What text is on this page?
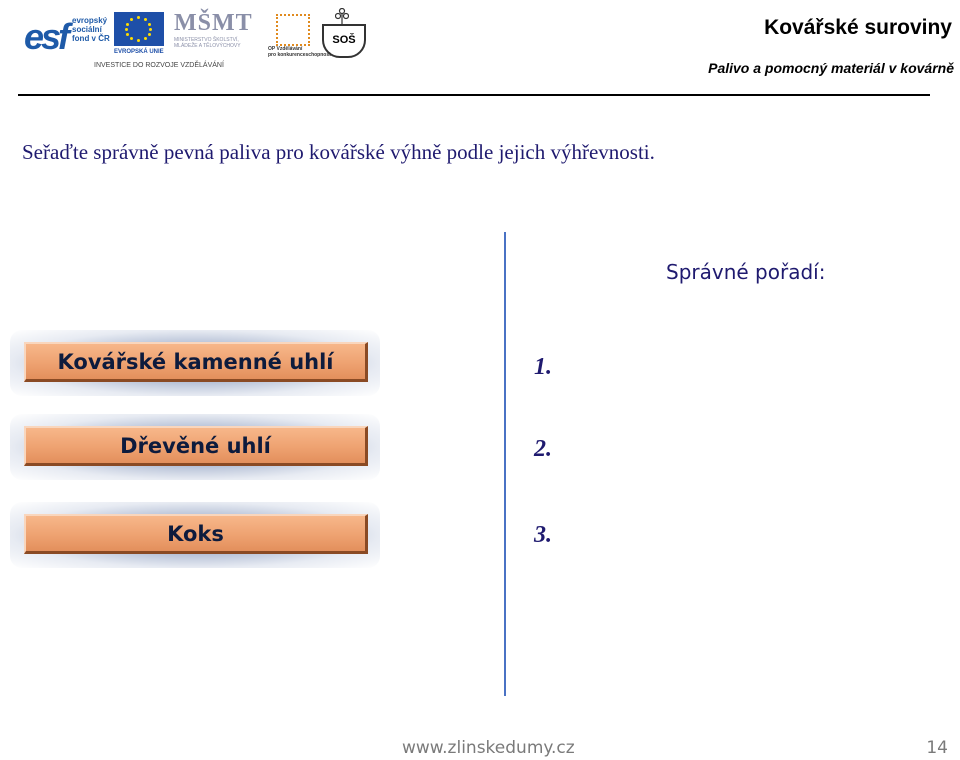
esf evropský
sociální
fond v ČR
EVROPSKÁ UNIE
MŠMT
MINISTERSTVO ŠKOLSTVÍ,
MLÁDEŽE A TĚLOVÝCHOVY	OP Vzdělávání
pro konkurenceschopnost
SOŠ
INVESTICE DO ROZVOJE VZDĚLÁVÁNÍ
Kovářské suroviny
Palivo a pomocný materiál v kovárně
Seřaďte správně pevná paliva pro kovářské výhně podle jejich výhřevnosti.
Správné pořadí:
Kovářské kamenné uhlí
Dřevěné uhlí
Koks
1.
2.
3.
www.zlinskedumy.cz	14
